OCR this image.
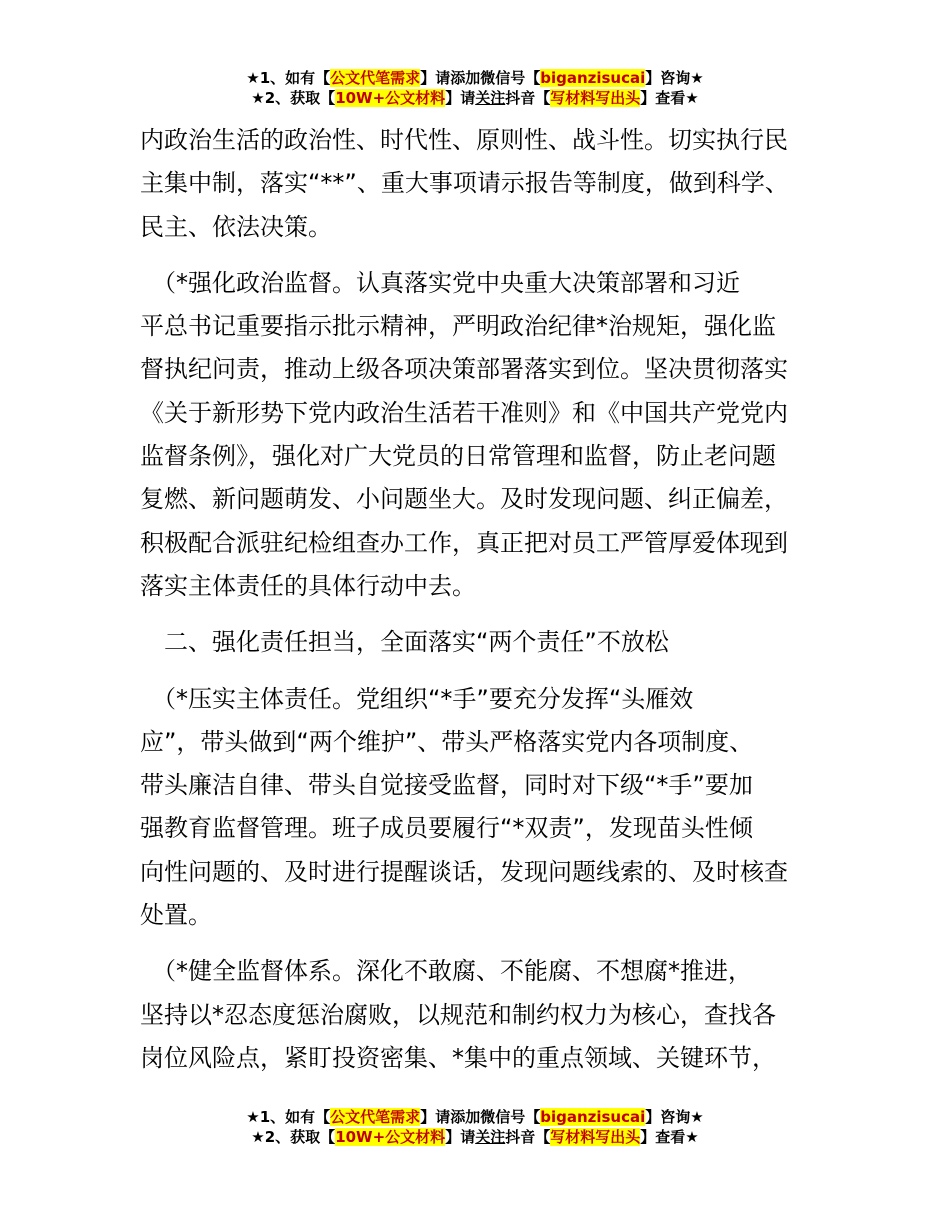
★1、如有【公文代笔需求】请添加微信号【biganzisucai】咨询★
★2、获取【10W+公文材料】请关注抖音【写材料写出头】查看★
内政治生活的政治性、时代性、原则性、战斗性。切实执行民
主集中制，落实“**”、重大事项请示报告等制度，做到科学、
民主、依法决策。
　（*强化政治监督。认真落实党中央重大决策部署和习近
平总书记重要指示批示精神，严明政治纪律*治规矩，强化监
督执纪问责，推动上级各项决策部署落实到位。坚决贯彻落实
《关于新形势下党内政治生活若干准则》和《中国共产党党内
监督条例》，强化对广大党员的日常管理和监督，防止老问题
复燃、新问题萌发、小问题坐大。及时发现问题、纠正偏差，
积极配合派驻纪检组查办工作，真正把对员工严管厚爱体现到
落实主体责任的具体行动中去。
　二、强化责任担当，全面落实“两个责任”不放松
　（*压实主体责任。党组织“*手”要充分发挥“头雁效
应”，带头做到“两个维护”、带头严格落实党内各项制度、
带头廉洁自律、带头自觉接受监督，同时对下级“*手”要加
强教育监督管理。班子成员要履行“*双责”，发现苗头性倾
向性问题的、及时进行提醒谈话，发现问题线索的、及时核查
处置。
　（*健全监督体系。深化不敢腐、不能腐、不想腐*推进，
坚持以*忍态度惩治腐败，以规范和制约权力为核心，查找各
岗位风险点，紧盯投资密集、*集中的重点领域、关键环节，
★1、如有【公文代笔需求】请添加微信号【biganzisucai】咨询★
★2、获取【10W+公文材料】请关注抖音【写材料写出头】查看★
